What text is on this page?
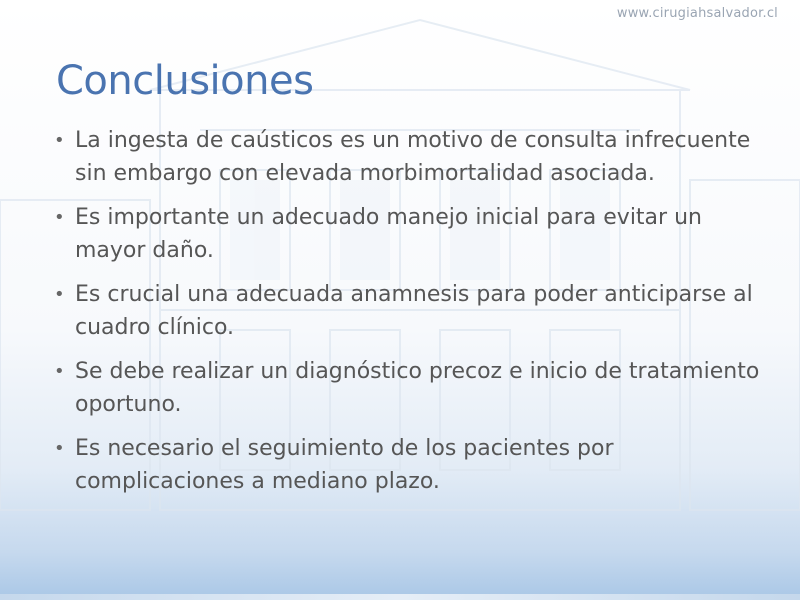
www.cirugiahsalvador.cl
Conclusiones
• La ingesta de caústicos es un motivo de consulta infrecuente sin embargo con elevada morbimortalidad asociada.
• Es importante un adecuado manejo inicial para evitar un mayor daño.
• Es crucial una adecuada anamnesis para poder anticiparse al cuadro clínico.
• Se debe realizar un diagnóstico precoz e inicio de tratamiento oportuno.
• Es necesario el seguimiento de los pacientes por complicaciones a mediano plazo.
